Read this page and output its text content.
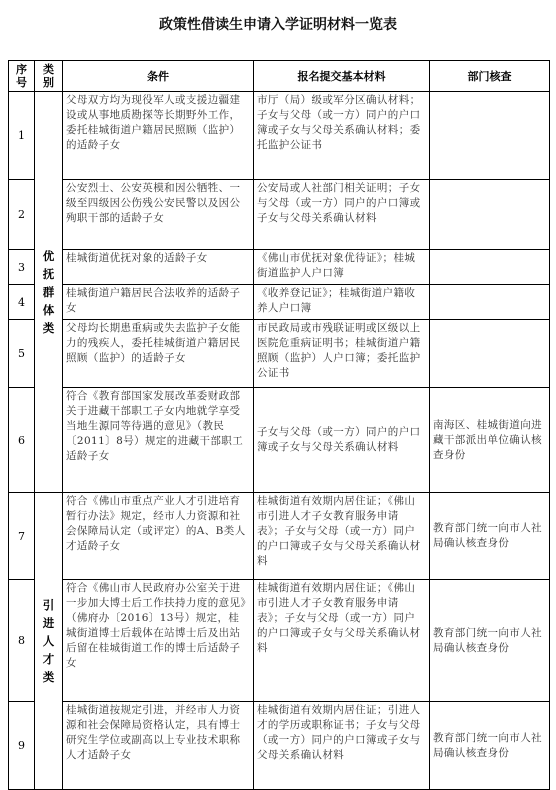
政策性借读生申请入学证明材料一览表
序号	类别	条件	报名提交基本材料	部门核查
1	优抚群体类	父母双方均为现役军人或支援边疆建设或从事地质勘探等长期野外工作，委托桂城街道户籍居民照顾（监护）的适龄子女	市厅（局）级或军分区确认材料；子女与父母（或一方）同户的户口簿或子女与父母关系确认材料；委托监护公证书	
2		公安烈士、公安英模和因公牺牲、一级至四级因公伤残公安民警以及因公殉职干部的适龄子女	公安局或人社部门相关证明；子女与父母（或一方）同户的户口簿或子女与父母关系确认材料	
3		桂城街道优抚对象的适龄子女	《佛山市优抚对象优待证》；桂城街道监护人户口簿	
4		桂城街道户籍居民合法收养的适龄子女	《收养登记证》；桂城街道户籍收养人户口簿	
5		父母均长期患重病或失去监护子女能力的残疾人，委托桂城街道户籍居民照顾（监护）的适龄子女	市民政局或市残联证明或区级以上医院危重病证明书；桂城街道户籍照顾（监护）人户口簿；委托监护公证书	
6		符合《教育部国家发展改革委财政部关于进藏干部职工子女内地就学享受当地生源同等待遇的意见》（教民〔2011〕8号）规定的进藏干部职工适龄子女	子女与父母（或一方）同户的户口簿或子女与父母关系确认材料	南海区、桂城街道向进藏干部派出单位确认核查身份
7	引进人才类	符合《佛山市重点产业人才引进培育暂行办法》规定，经市人力资源和社会保障局认定（或评定）的A、B类人才适龄子女	桂城街道有效期内居住证；《佛山市引进人才子女教育服务申请表》；子女与父母（或一方）同户的户口簿或子女与父母关系确认材料	教育部门统一向市人社局确认核查身份
8		符合《佛山市人民政府办公室关于进一步加大博士后工作扶持力度的意见》（佛府办〔2016〕13号）规定，桂城街道博士后载体在站博士后及出站后留在桂城街道工作的博士后适龄子女	桂城街道有效期内居住证；《佛山市引进人才子女教育服务申请表》；子女与父母（或一方）同户的户口簿或子女与父母关系确认材料	教育部门统一向市人社局确认核查身份
9		桂城街道按规定引进，并经市人力资源和社会保障局资格认定，具有博士研究生学位或副高以上专业技术职称人才适龄子女	桂城街道有效期内居住证；引进人才的学历或职称证书；子女与父母（或一方）同户的户口簿或子女与父母关系确认材料	教育部门统一向市人社局确认核查身份
